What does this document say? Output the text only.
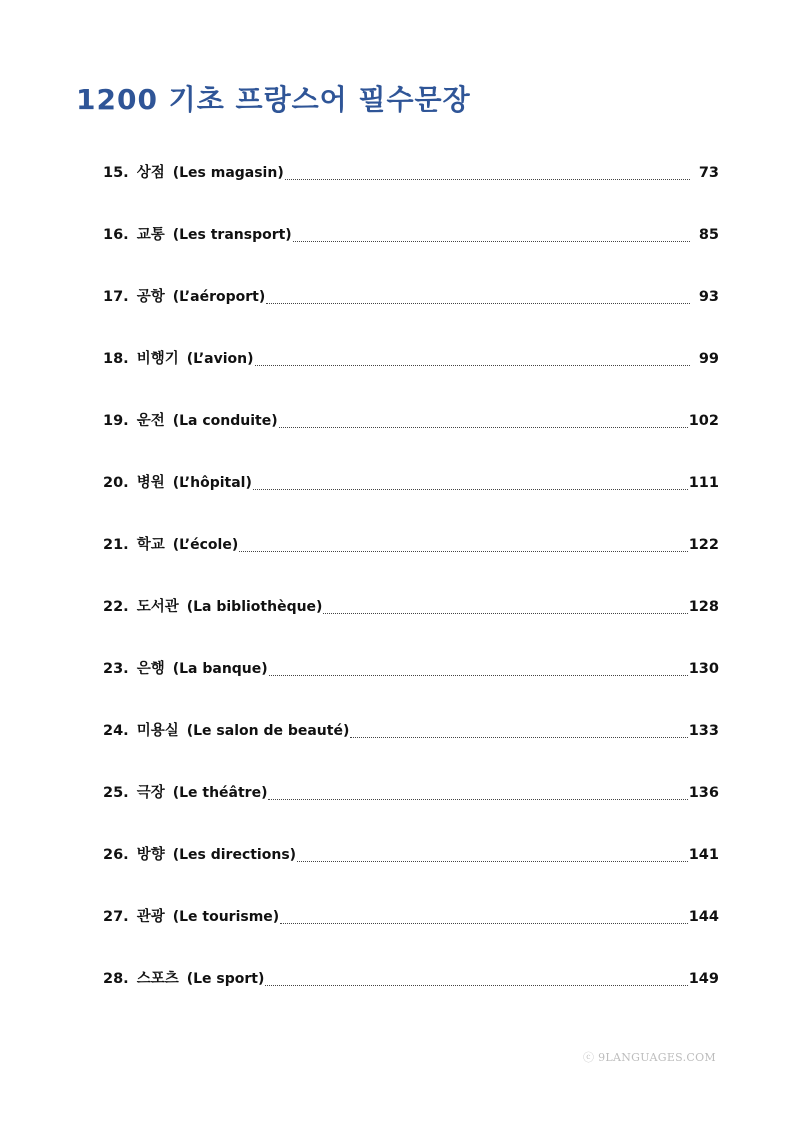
1200 기초 프랑스어 필수문장
15. 상점 (Les magasin)	73
16. 교통 (Les transport)	85
17. 공항 (L’aéroport)	93
18. 비행기 (L’avion)	99
19. 운전 (La conduite)	102
20. 병원 (L’hôpital)	111
21. 학교 (L’école)	122
22. 도서관 (La bibliothèque)	128
23. 은행 (La banque)	130
24. 미용실 (Le salon de beauté)	133
25. 극장 (Le théâtre)	136
26. 방향 (Les directions)	141
27. 관광 (Le tourisme)	144
28. 스포츠 (Le sport)	149
ⓒ 9LANGUAGES.COM
